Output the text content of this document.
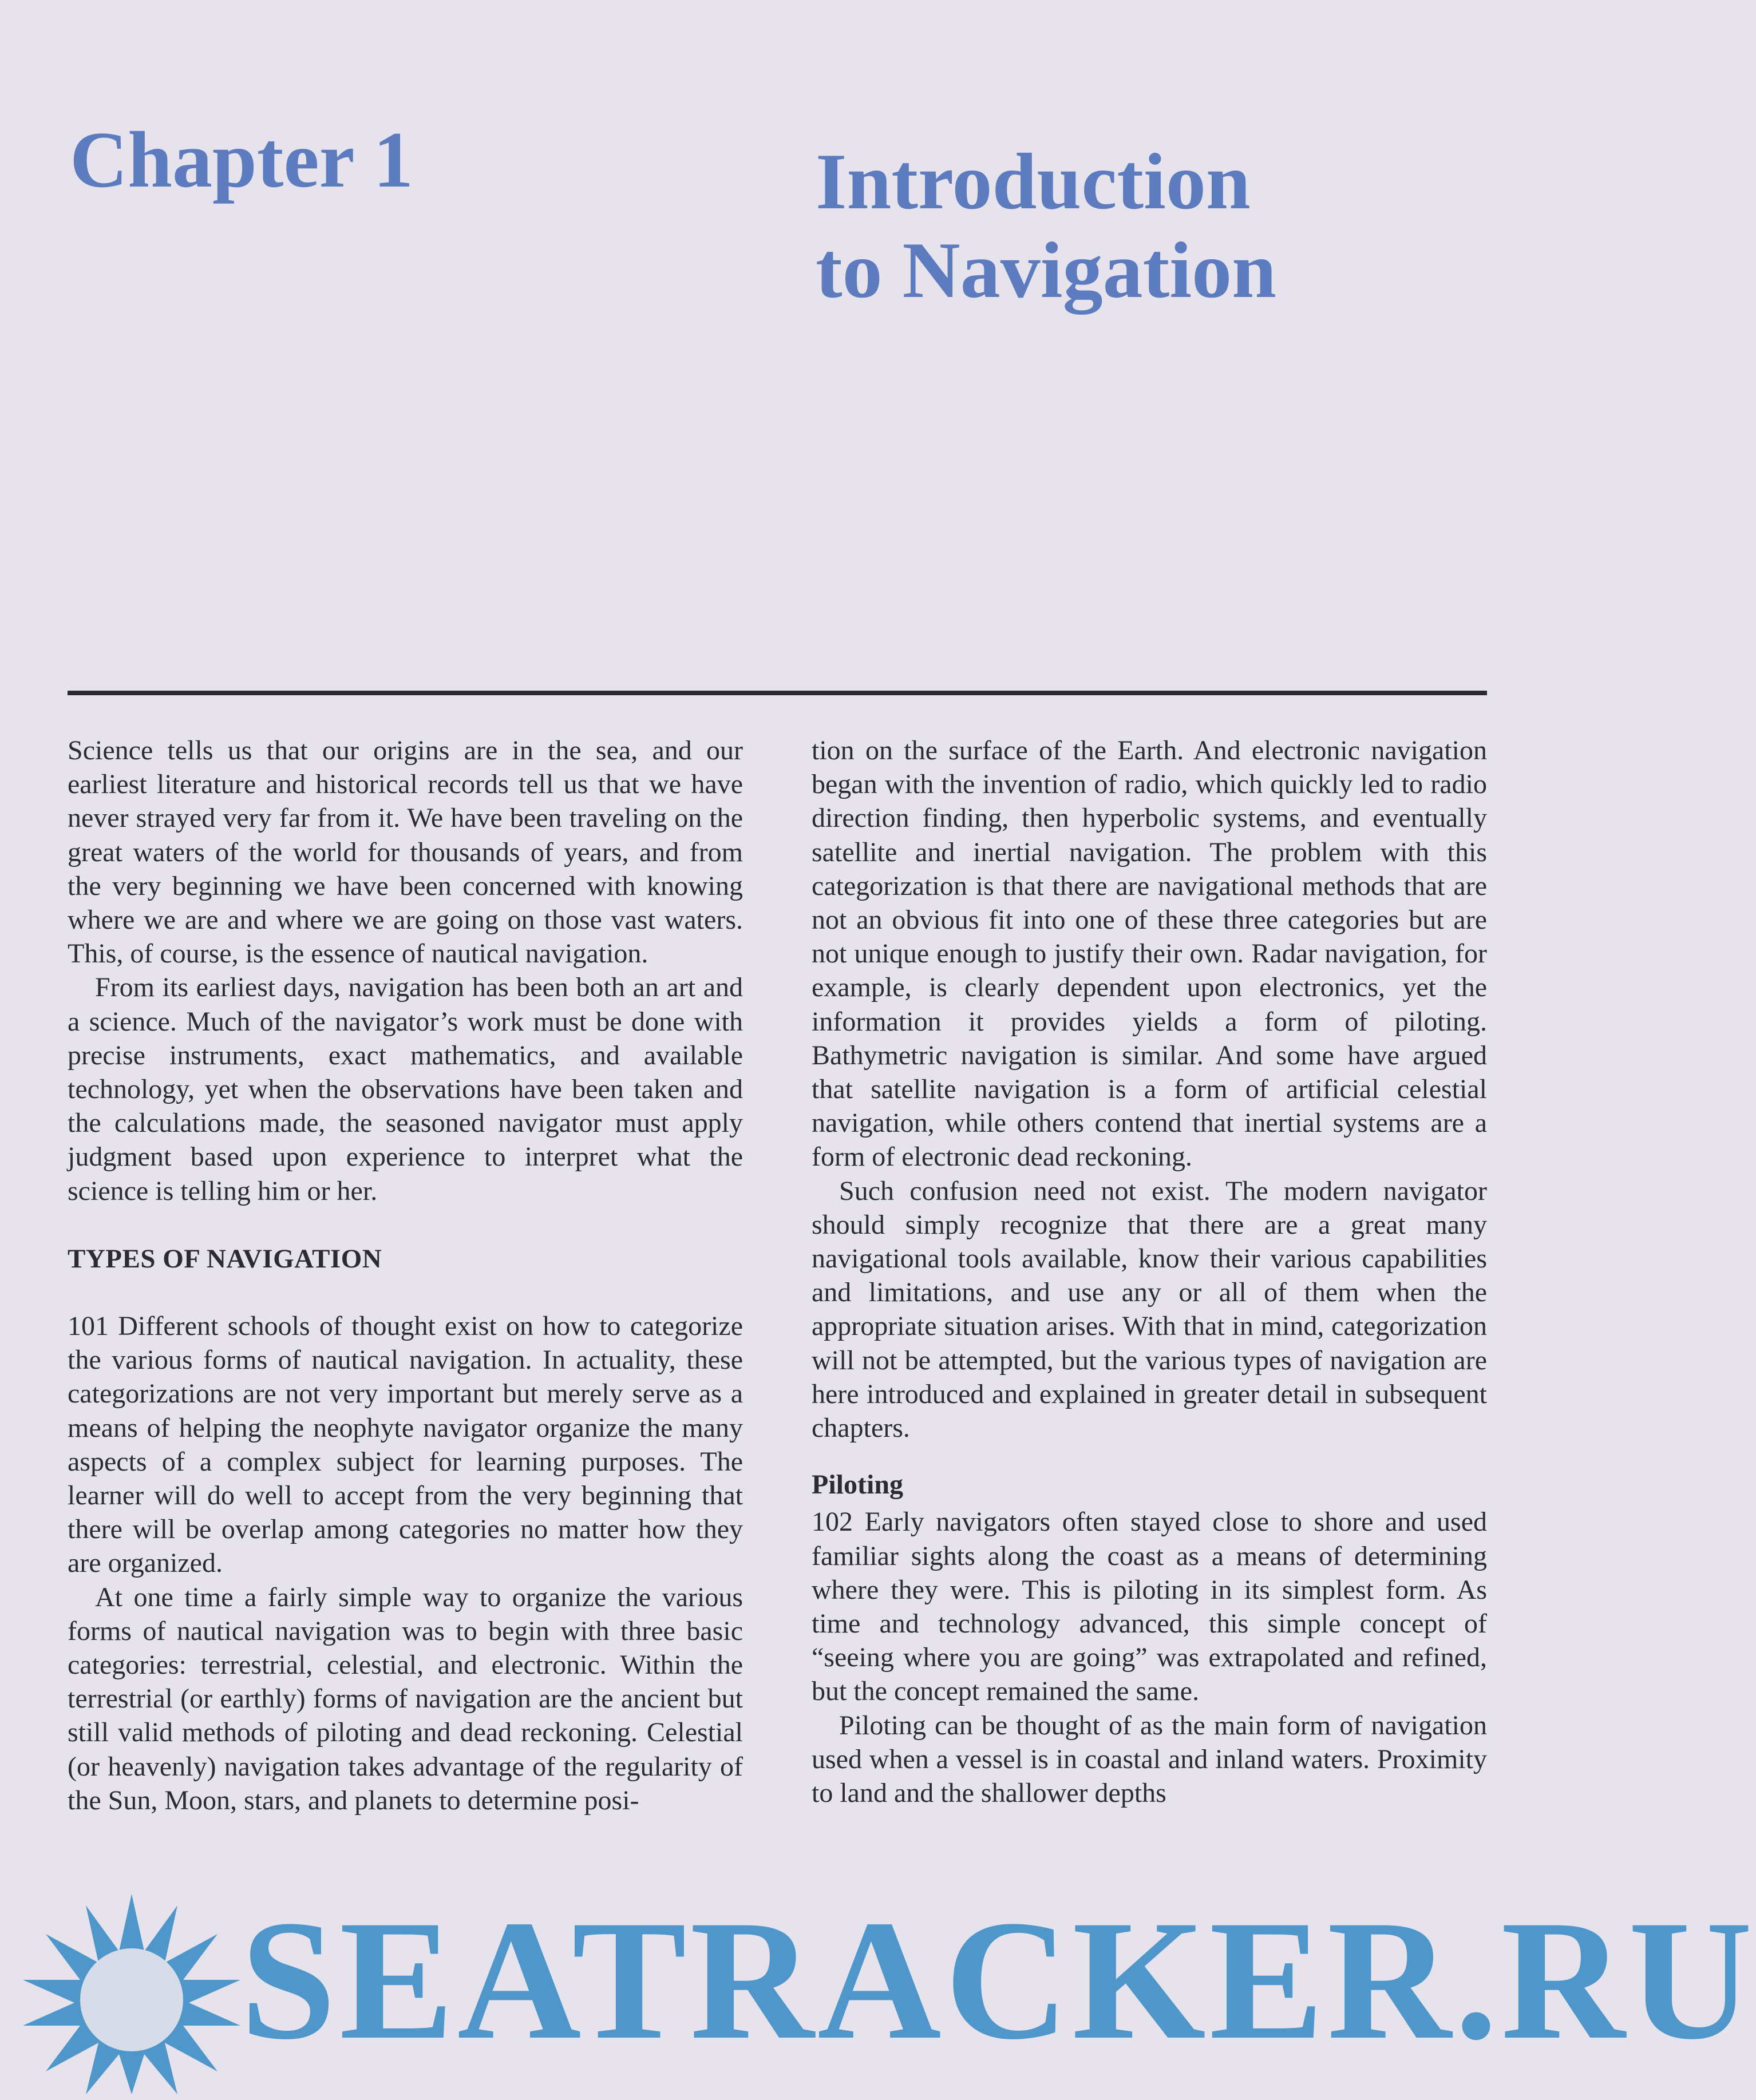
Chapter 1	Introduction
to Navigation

Science tells us that our origins are in the sea, and our earliest literature and historical records tell us that we have never strayed very far from it. We have been traveling on the great waters of the world for thousands of years, and from the very beginning we have been concerned with knowing where we are and where we are going on those vast waters. This, of course, is the essence of nautical navigation.

From its earliest days, navigation has been both an art and a science. Much of the navigator’s work must be done with precise instruments, exact mathematics, and available technology, yet when the observations have been taken and the calculations made, the seasoned navigator must apply judgment based upon experience to interpret what the science is telling him or her.

TYPES OF NAVIGATION

101 Different schools of thought exist on how to categorize the various forms of nautical navigation. In actuality, these categorizations are not very important but merely serve as a means of helping the neophyte navigator organize the many aspects of a complex subject for learning purposes. The learner will do well to accept from the very beginning that there will be overlap among categories no matter how they are organized.

At one time a fairly simple way to organize the various forms of nautical navigation was to begin with three basic categories: terrestrial, celestial, and electronic. Within the terrestrial (or earthly) forms of navigation are the ancient but still valid methods of piloting and dead reckoning. Celestial (or heavenly) navigation takes advantage of the regularity of the Sun, Moon, stars, and planets to determine posi-

tion on the surface of the Earth. And electronic navigation began with the invention of radio, which quickly led to radio direction finding, then hyperbolic systems, and eventually satellite and inertial navigation. The problem with this categorization is that there are navigational methods that are not an obvious fit into one of these three categories but are not unique enough to justify their own. Radar navigation, for example, is clearly dependent upon electronics, yet the information it provides yields a form of piloting. Bathymetric navigation is similar. And some have argued that satellite navigation is a form of artificial celestial navigation, while others contend that inertial systems are a form of electronic dead reckoning.

Such confusion need not exist. The modern navigator should simply recognize that there are a great many navigational tools available, know their various capabilities and limitations, and use any or all of them when the appropriate situation arises. With that in mind, categorization will not be attempted, but the various types of navigation are here introduced and explained in greater detail in subsequent chapters.

Piloting

102 Early navigators often stayed close to shore and used familiar sights along the coast as a means of determining where they were. This is piloting in its simplest form. As time and technology advanced, this simple concept of “seeing where you are going” was extrapolated and refined, but the concept remained the same.

Piloting can be thought of as the main form of navigation used when a vessel is in coastal and inland waters. Proximity to land and the shallower depths

SEATRACKER.RU
